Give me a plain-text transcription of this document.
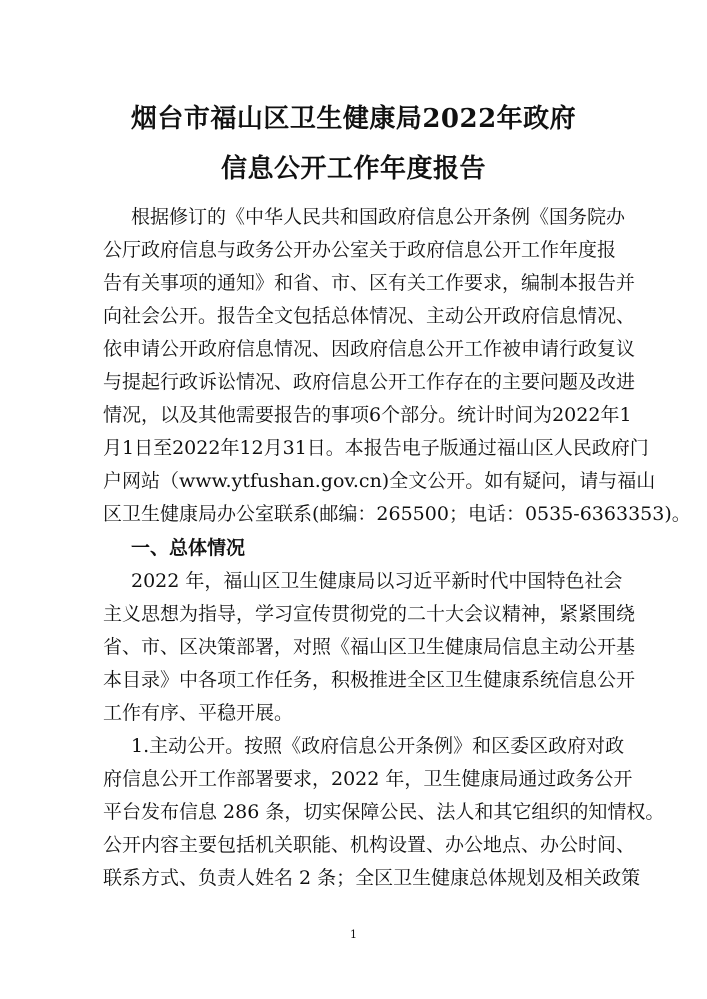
烟台市福山区卫生健康局2022年政府
信息公开工作年度报告
根据修订的《中华人民共和国政府信息公开条例《国务院办
公厅政府信息与政务公开办公室关于政府信息公开工作年度报
告有关事项的通知》和省、市、区有关工作要求，编制本报告并
向社会公开。报告全文包括总体情况、主动公开政府信息情况、
依申请公开政府信息情况、因政府信息公开工作被申请行政复议
与提起行政诉讼情况、政府信息公开工作存在的主要问题及改进
情况，以及其他需要报告的事项6个部分。统计时间为2022年1
月1日至2022年12月31日。本报告电子版通过福山区人民政府门
户网站（www.ytfushan.gov.cn)全文公开。如有疑问，请与福山
区卫生健康局办公室联系(邮编：265500；电话：0535-6363353)。
一、总体情况
2022 年，福山区卫生健康局以习近平新时代中国特色社会
主义思想为指导，学习宣传贯彻党的二十大会议精神，紧紧围绕
省、市、区决策部署，对照《福山区卫生健康局信息主动公开基
本目录》中各项工作任务，积极推进全区卫生健康系统信息公开
工作有序、平稳开展。
1.主动公开。按照《政府信息公开条例》和区委区政府对政
府信息公开工作部署要求，2022 年，卫生健康局通过政务公开
平台发布信息 286 条，切实保障公民、法人和其它组织的知情权。
公开内容主要包括机关职能、机构设置、办公地点、办公时间、
联系方式、负责人姓名 2 条；全区卫生健康总体规划及相关政策
1
